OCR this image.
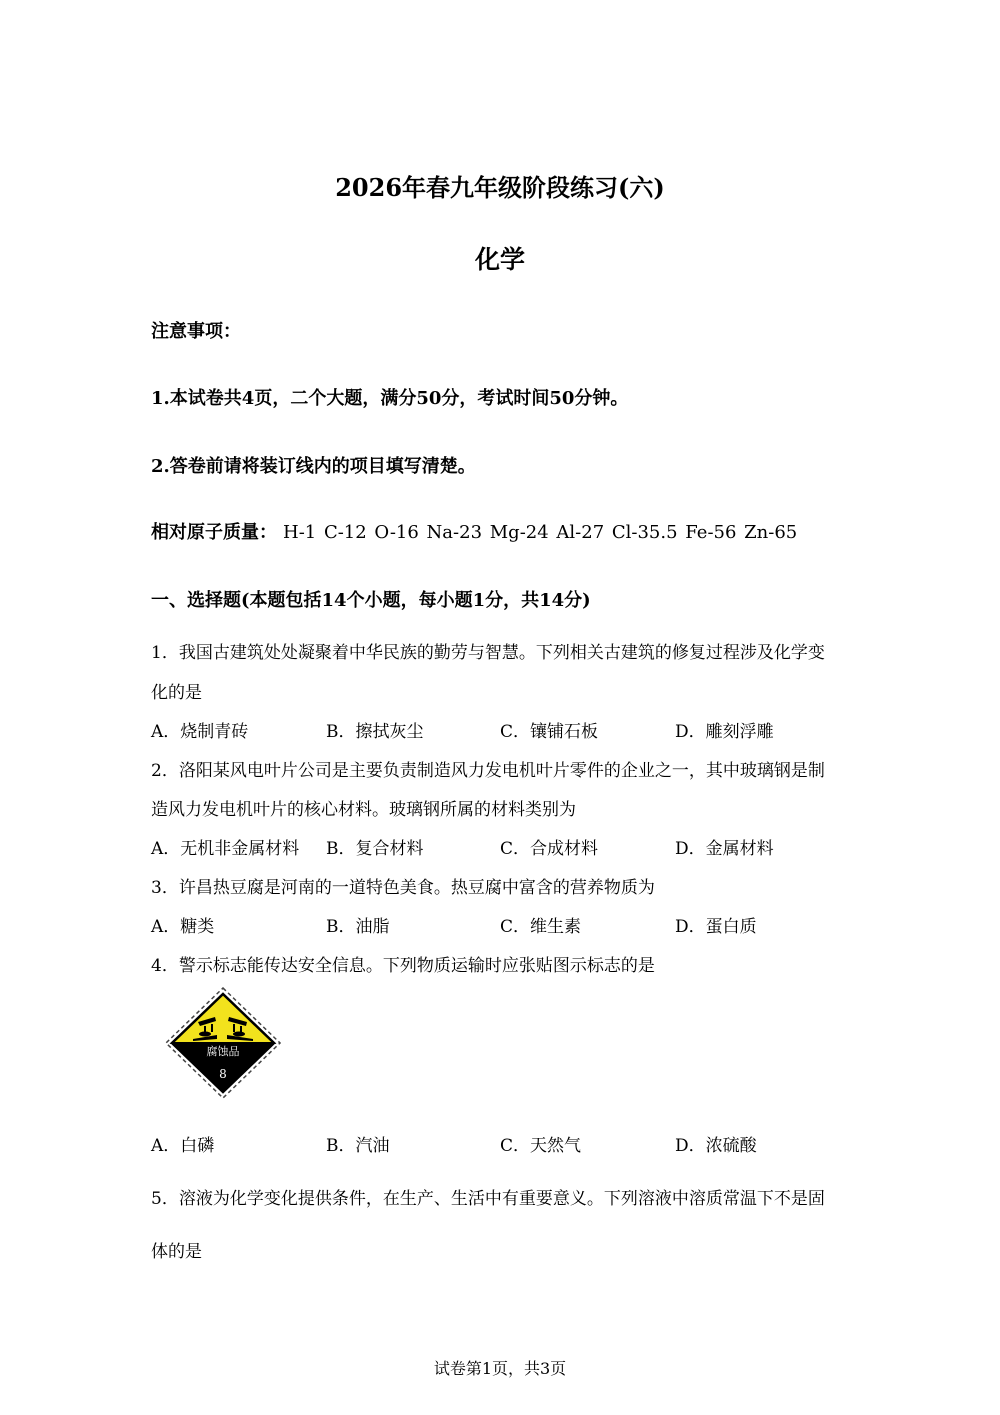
2026年春九年级阶段练习(六)
化学
注意事项：
1.本试卷共4页，二个大题，满分50分，考试时间50分钟。
2.答卷前请将装订线内的项目填写清楚。
相对原子质量： H-1 C-12 O-16 Na-23 Mg-24 Al-27 Cl-35.5 Fe-56 Zn-65
一、选择题(本题包括14个小题，每小题1分，共14分)
1．我国古建筑处处凝聚着中华民族的勤劳与智慧。下列相关古建筑的修复过程涉及化学变
化的是
A．烧制青砖	B．擦拭灰尘	C．镶铺石板	D．雕刻浮雕
2．洛阳某风电叶片公司是主要负责制造风力发电机叶片零件的企业之一，其中玻璃钢是制
造风力发电机叶片的核心材料。玻璃钢所属的材料类别为
A．无机非金属材料 B．复合材料	C．合成材料	D．金属材料
3．许昌热豆腐是河南的一道特色美食。热豆腐中富含的营养物质为
A．糖类	B．油脂	C．维生素	D．蛋白质
4．警示标志能传达安全信息。下列物质运输时应张贴图示标志的是
腐蚀品
8
A．白磷	B．汽油	C．天然气	D．浓硫酸
5．溶液为化学变化提供条件，在生产、生活中有重要意义。下列溶液中溶质常温下不是固
体的是
试卷第1页，共3页
